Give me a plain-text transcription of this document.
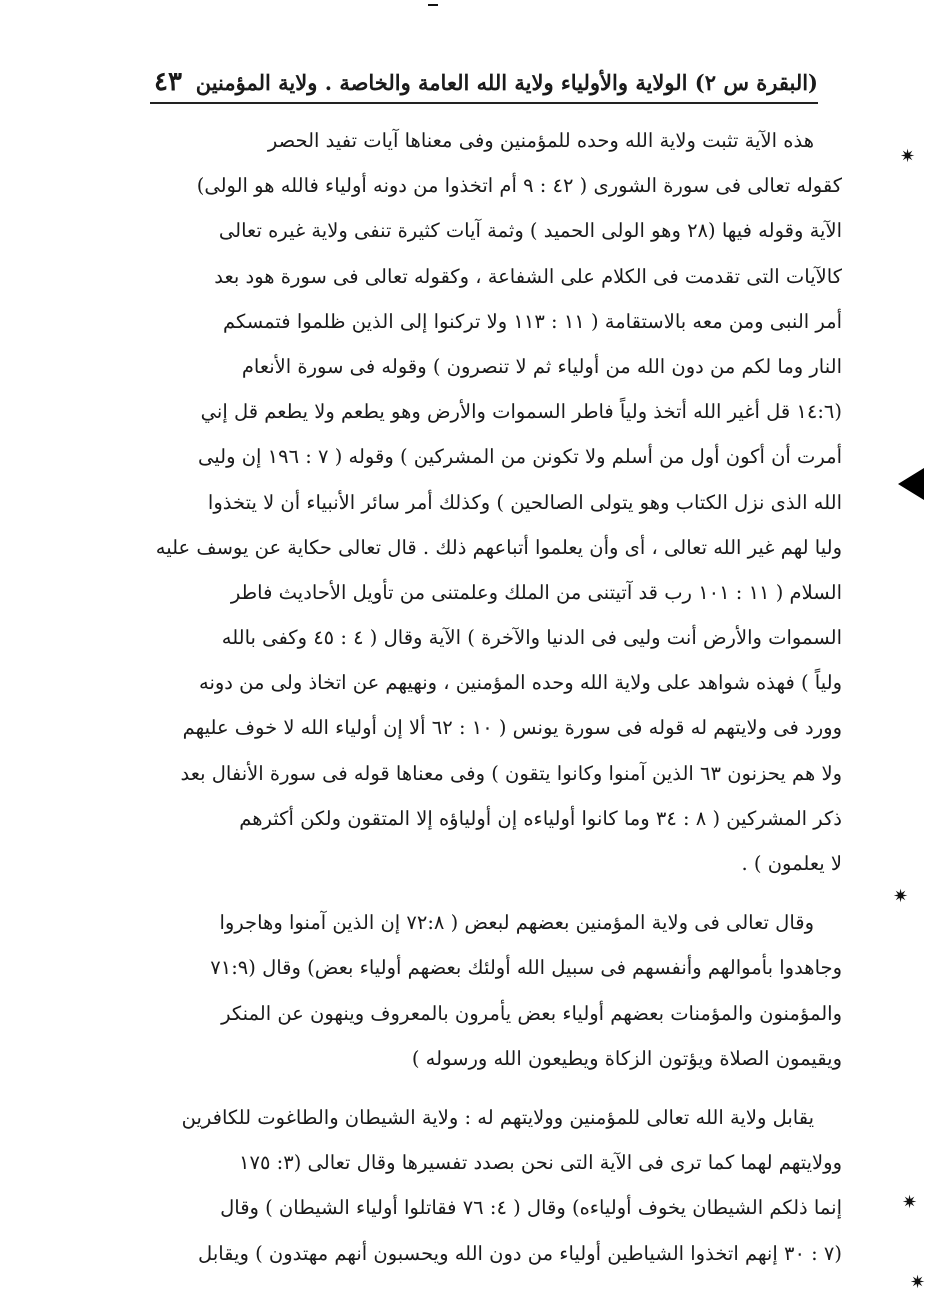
✷
✷
✷
✷
(البقرة س ٢) الولاية والأولياء ولاية الله العامة والخاصة . ولاية المؤمنين
٤٣
هذه الآية تثبت ولاية الله وحده للمؤمنين وفى معناها آيات تفيد الحصر
كقوله تعالى فى سورة الشورى ( ٤٢ : ٩ أم اتخذوا من دونه أولياء فالله هو الولى)
الآية وقوله فيها (٢٨ وهو الولى الحميد ) وثمة آيات كثيرة تنفى ولاية غيره تعالى
كالآيات التى تقدمت فى الكلام على الشفاعة ، وكقوله تعالى فى سورة هود بعد
أمر النبى ومن معه بالاستقامة ( ١١ : ١١٣ ولا تركنوا إلى الذين ظلموا فتمسكم
النار وما لكم من دون الله من أولياء ثم لا تنصرون ) وقوله فى سورة الأنعام
(١٤:٦ قل أغير الله أتخذ ولياً فاطر السموات والأرض وهو يطعم ولا يطعم قل إني
أمرت أن أكون أول من أسلم ولا تكونن من المشركين ) وقوله ( ٧ : ١٩٦ إن وليى
الله الذى نزل الكتاب وهو يتولى الصالحين ) وكذلك أمر سائر الأنبياء أن لا يتخذوا
وليا لهم غير الله تعالى ، أى وأن يعلموا أتباعهم ذلك . قال تعالى حكاية عن يوسف عليه
السلام ( ١١ : ١٠١ رب قد آتيتنى من الملك وعلمتنى من تأويل الأحاديث فاطر
السموات والأرض أنت وليى فى الدنيا والآخرة ) الآية وقال ( ٤ : ٤٥ وكفى بالله
ولياً ) فهذه شواهد على ولاية الله وحده المؤمنين ، ونهيهم عن اتخاذ ولى من دونه
وورد فى ولايتهم له قوله فى سورة يونس ( ١٠ : ٦٢ ألا إن أولياء الله لا خوف عليهم
ولا هم يحزنون ٦٣ الذين آمنوا وكانوا يتقون ) وفى معناها قوله فى سورة الأنفال بعد
ذكر المشركين ( ٨ : ٣٤ وما كانوا أولياءه إن أولياؤه إلا المتقون ولكن أكثرهم
لا يعلمون ) .
وقال تعالى فى ولاية المؤمنين بعضهم لبعض ( ٧٢:٨ إن الذين آمنوا وهاجروا
وجاهدوا بأموالهم وأنفسهم فى سبيل الله أولئك بعضهم أولياء بعض) وقال (٧١:٩
والمؤمنون والمؤمنات بعضهم أولياء بعض يأمرون بالمعروف وينهون عن المنكر
ويقيمون الصلاة ويؤتون الزكاة ويطيعون الله ورسوله )
يقابل ولاية الله تعالى للمؤمنين وولايتهم له : ولاية الشيطان والطاغوت للكافرين
وولايتهم لهما كما ترى فى الآية التى نحن بصدد تفسيرها وقال تعالى (٣: ١٧٥
إنما ذلكم الشيطان يخوف أولياءه) وقال ( ٤: ٧٦ فقاتلوا أولياء الشيطان ) وقال
(٧ : ٣٠ إنهم اتخذوا الشياطين أولياء من دون الله ويحسبون أنهم مهتدون ) ويقابل
